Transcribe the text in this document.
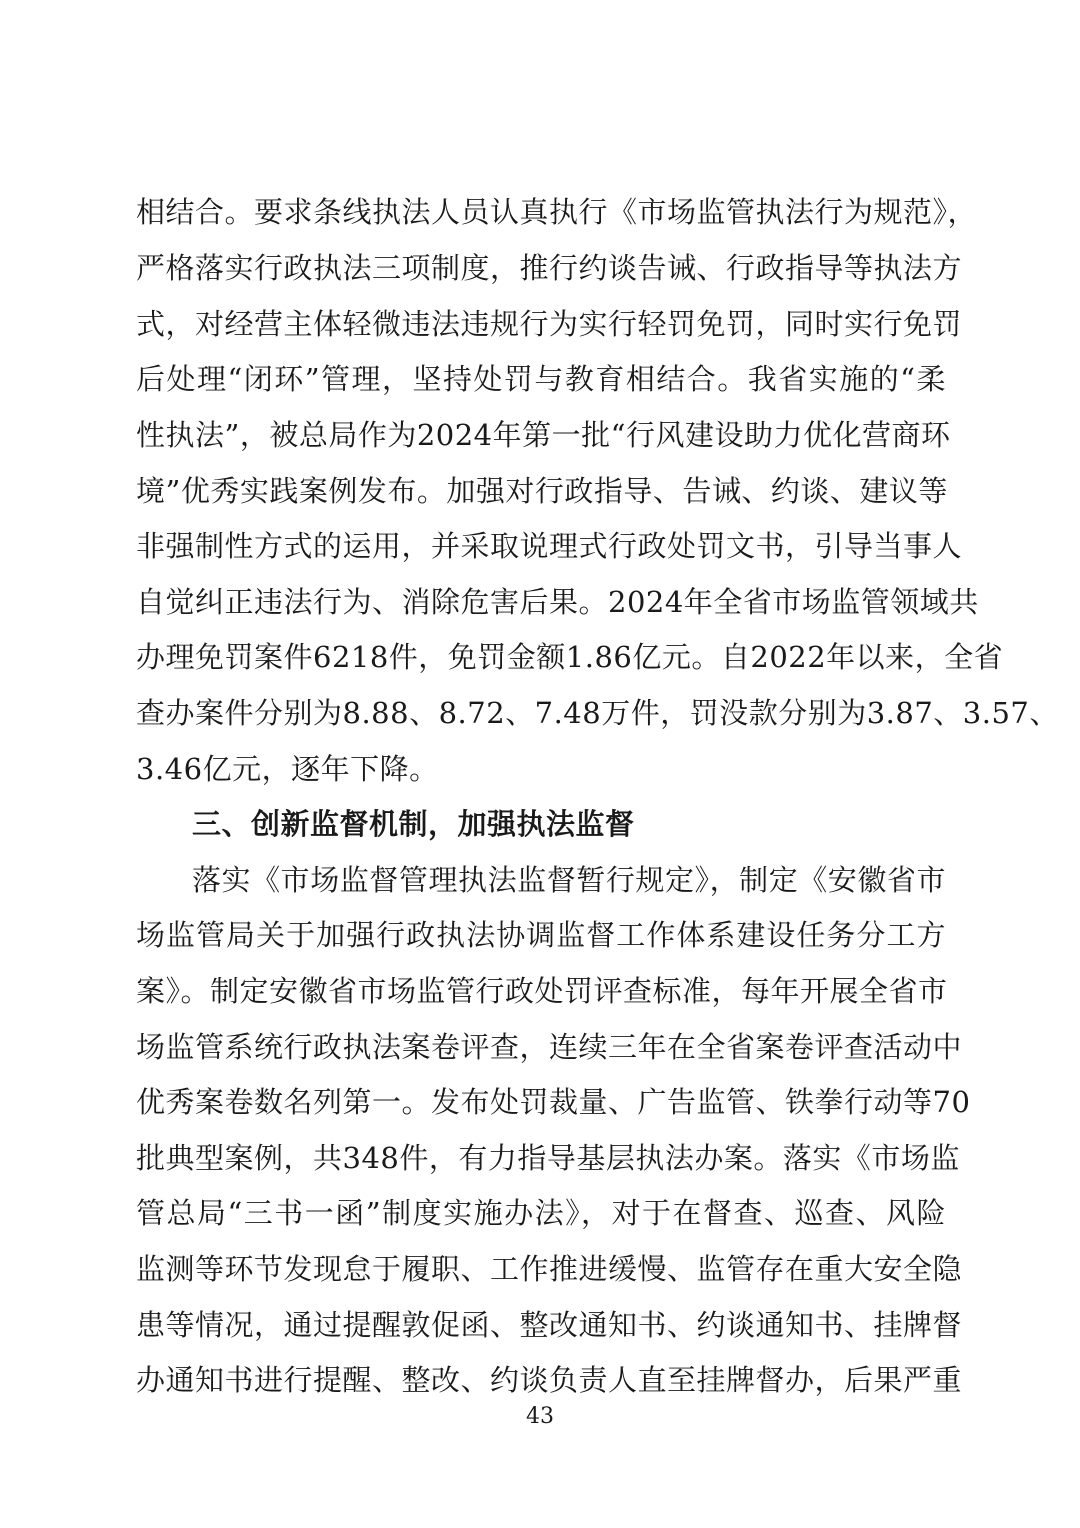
相结合。要求条线执法人员认真执行《市场监管执法行为规范》，
严格落实行政执法三项制度，推行约谈告诫、行政指导等执法方
式，对经营主体轻微违法违规行为实行轻罚免罚，同时实行免罚
后处理“闭环”管理，坚持处罚与教育相结合。我省实施的“柔
性执法”，被总局作为2024年第一批“行风建设助力优化营商环
境”优秀实践案例发布。加强对行政指导、告诫、约谈、建议等
非强制性方式的运用，并采取说理式行政处罚文书，引导当事人
自觉纠正违法行为、消除危害后果。2024年全省市场监管领域共
办理免罚案件6218件，免罚金额1.86亿元。自2022年以来，全省
查办案件分别为8.88、8.72、7.48万件，罚没款分别为3.87、3.57、
3.46亿元，逐年下降。
三、创新监督机制，加强执法监督
落实《市场监督管理执法监督暂行规定》，制定《安徽省市
场监管局关于加强行政执法协调监督工作体系建设任务分工方
案》。制定安徽省市场监管行政处罚评查标准，每年开展全省市
场监管系统行政执法案卷评查，连续三年在全省案卷评查活动中
优秀案卷数名列第一。发布处罚裁量、广告监管、铁拳行动等70
批典型案例，共348件，有力指导基层执法办案。落实《市场监
管总局“三书一函”制度实施办法》，对于在督查、巡查、风险
监测等环节发现怠于履职、工作推进缓慢、监管存在重大安全隐
患等情况，通过提醒敦促函、整改通知书、约谈通知书、挂牌督
办通知书进行提醒、整改、约谈负责人直至挂牌督办，后果严重
43
